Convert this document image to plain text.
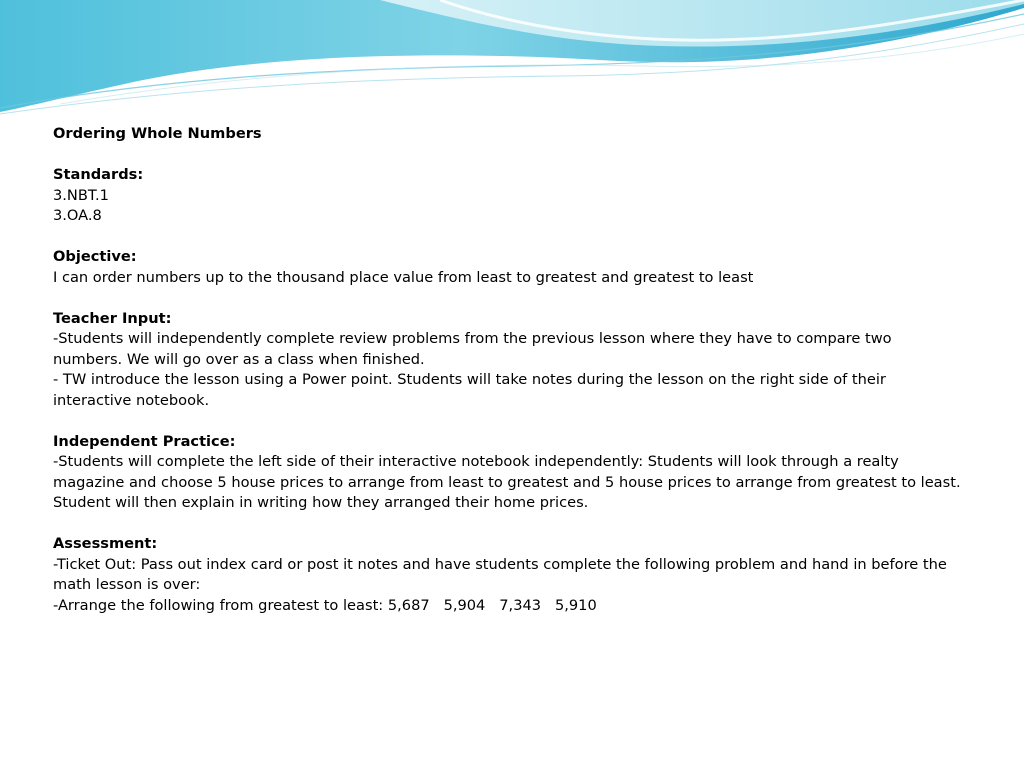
Ordering Whole Numbers

Standards:

3.NBT.1

3.OA.8

Objective:

I can order numbers up to the thousand place value from least to greatest and greatest to least

Teacher Input:

-Students will independently complete review problems from the previous lesson where they have to compare two numbers. We will go over as a class when finished.

- TW introduce the lesson using a Power point. Students will take notes during the lesson on the right side of their interactive notebook.

Independent Practice:

-Students will complete the left side of their interactive notebook independently: Students will look through a realty magazine and choose 5 house prices to arrange from least to greatest and 5 house prices to arrange from greatest to least. Student will then explain in writing how they arranged their home prices.

Assessment:

-Ticket Out: Pass out index card or post it notes and have students complete the following problem and hand in before the math lesson is over:

-Arrange the following from greatest to least: 5,687 5,904 7,343 5,910
